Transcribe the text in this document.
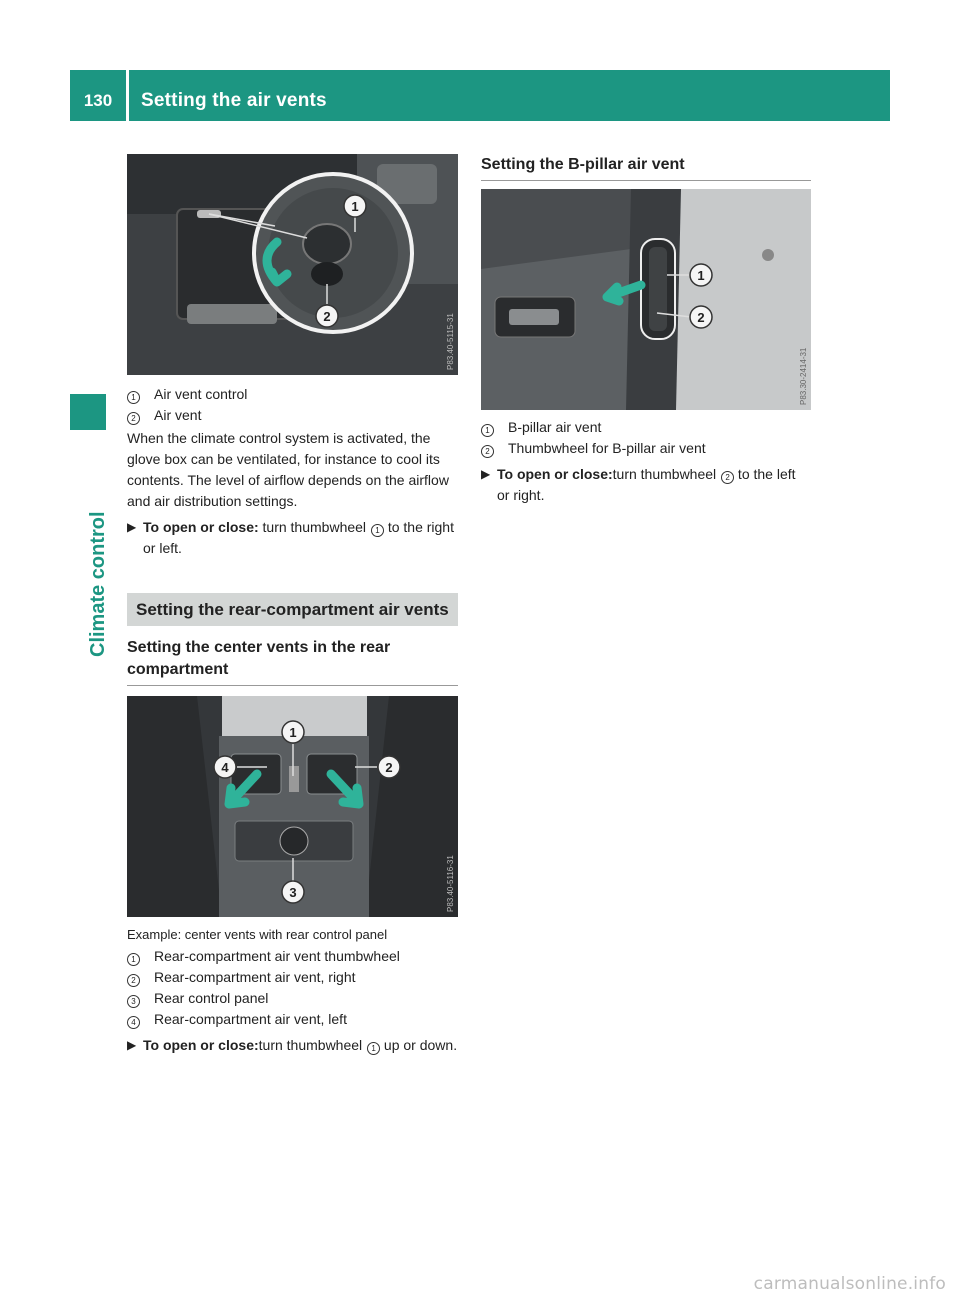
130	Setting the air vents
Climate control
1
2	P83.40-5115-31
1	Air vent control
2	Air vent
When the climate control system is activated, the glove box can be ventilated, for instance to cool its contents. The level of airflow depends on the airflow and air distribution settings.
▶ To open or close: turn thumbwheel 1 to the right or left.
Setting the rear-compartment air vents
Setting the center vents in the rear compartment
1
2
3
4
P83.40-5116-31
Example: center vents with rear control panel
1	Rear-compartment air vent thumbwheel
2	Rear-compartment air vent, right
3	Rear control panel
4	Rear-compartment air vent, left
▶ To open or close:turn thumbwheel 1 up or down.
Setting the B-pillar air vent
1
2
P83.30-2414-31
1	B-pillar air vent
2	Thumbwheel for B-pillar air vent
▶ To open or close:turn thumbwheel 2 to the left or right.
carmanualsonline.info
